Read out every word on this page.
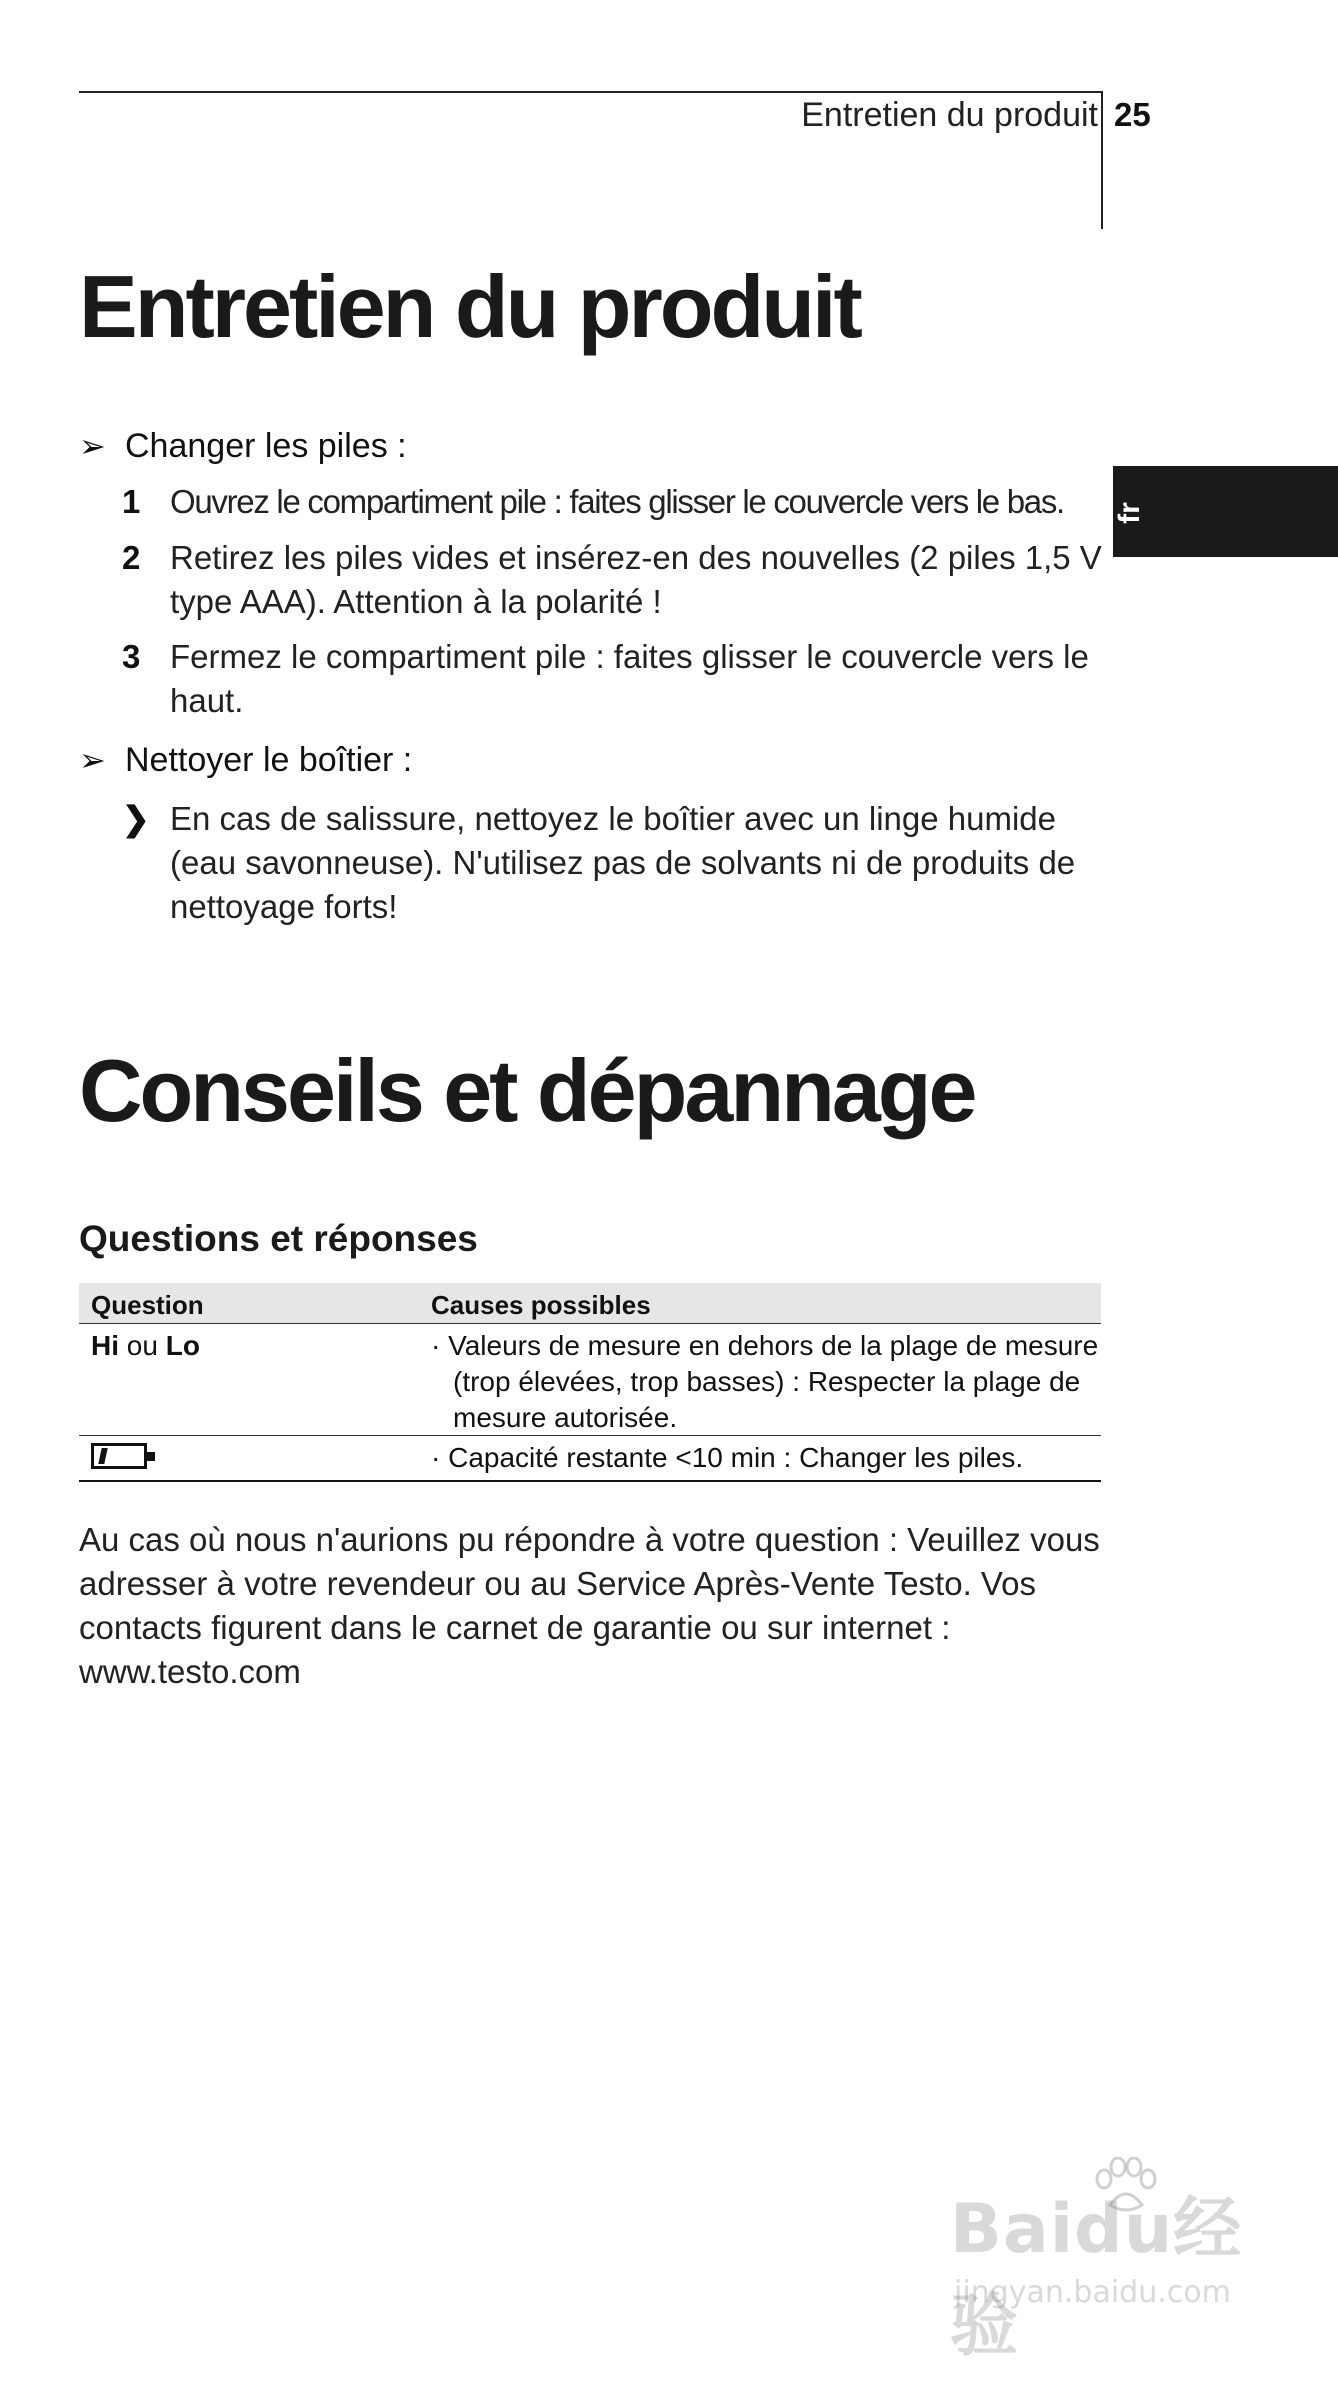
Entretien du produit 25
fr
Entretien du produit
➢ Changer les piles :
1 Ouvrez le compartiment pile : faites glisser le couvercle vers le bas.
2 Retirez les piles vides et insérez-en des nouvelles (2 piles 1,5 V type AAA). Attention à la polarité !
3 Fermez le compartiment pile : faites glisser le couvercle vers le haut.
➢ Nettoyer le boîtier :
❯ En cas de salissure, nettoyez le boîtier avec un linge humide (eau savonneuse). N'utilisez pas de solvants ni de produits de nettoyage forts!
Conseils et dépannage
Questions et réponses
Question	Causes possibles
Hi ou Lo	· Valeurs de mesure en dehors de la plage de mesure (trop élevées, trop basses) : Respecter la plage de mesure autorisée.
· Capacité restante <10 min : Changer les piles.
Au cas où nous n'aurions pu répondre à votre question : Veuillez vous adresser à votre revendeur ou au Service Après-Vente Testo. Vos contacts figurent dans le carnet de garantie ou sur internet : www.testo.com
Baidu经验
jingyan.baidu.com
